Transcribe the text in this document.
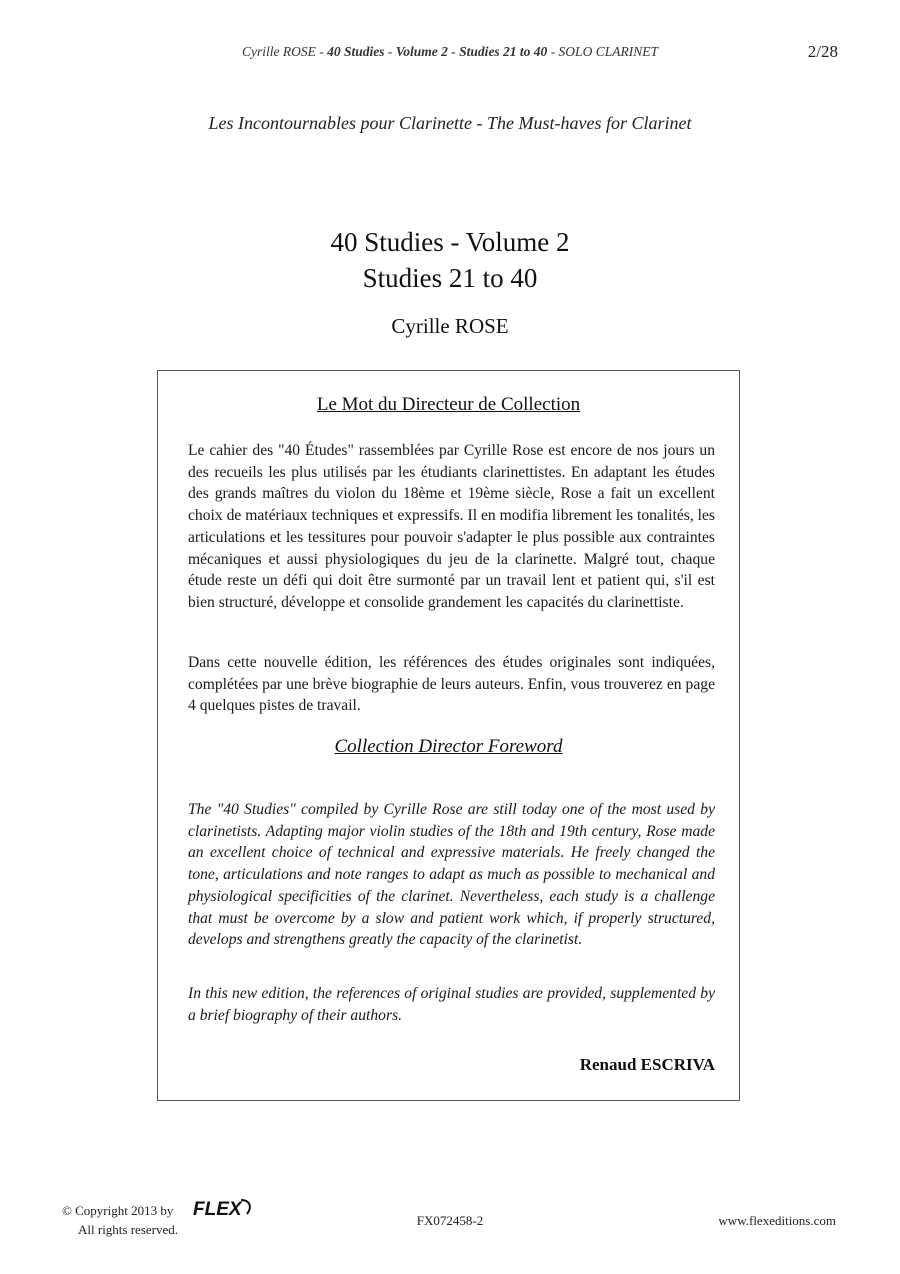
Cyrille ROSE - 40 Studies - Volume 2 - Studies 21 to 40 - SOLO CLARINET	2/28
Les Incontournables pour Clarinette - The Must-haves for Clarinet
40 Studies - Volume 2
Studies 21 to 40
Cyrille ROSE
Le Mot du Directeur de Collection
Le cahier des "40 Études" rassemblées par Cyrille Rose est encore de nos jours un des recueils les plus utilisés par les étudiants clarinettistes. En adaptant les études des grands maîtres du violon du 18ème et 19ème siècle, Rose a fait un excellent choix de matériaux techniques et expressifs. Il en modifia librement les tonalités, les articulations et les tessitures pour pouvoir s'adapter le plus possible aux contraintes mécaniques et aussi physiologiques du jeu de la clarinette. Malgré tout, chaque étude reste un défi qui doit être surmonté par un travail lent et patient qui, s'il est bien structuré, développe et consolide grandement les capacités du clarinettiste.
Dans cette nouvelle édition, les références des études originales sont indiquées, complétées par une brève biographie de leurs auteurs. Enfin, vous trouverez en page 4 quelques pistes de travail.
Collection Director Foreword
The "40 Studies" compiled by Cyrille Rose are still today one of the most used by clarinetists. Adapting major violin studies of the 18th and 19th century, Rose made an excellent choice of technical and expressive materials. He freely changed the tone, articulations and note ranges to adapt as much as possible to mechanical and physiological specificities of the clarinet. Nevertheless, each study is a challenge that must be overcome by a slow and patient work which, if properly structured, develops and strengthens greatly the capacity of the clarinetist.
In this new edition, the references of original studies are provided, supplemented by a brief biography of their authors.
Renaud ESCRIVA
© Copyright 2013 by FLEX
All rights reserved.
FX072458-2	www.flexeditions.com
